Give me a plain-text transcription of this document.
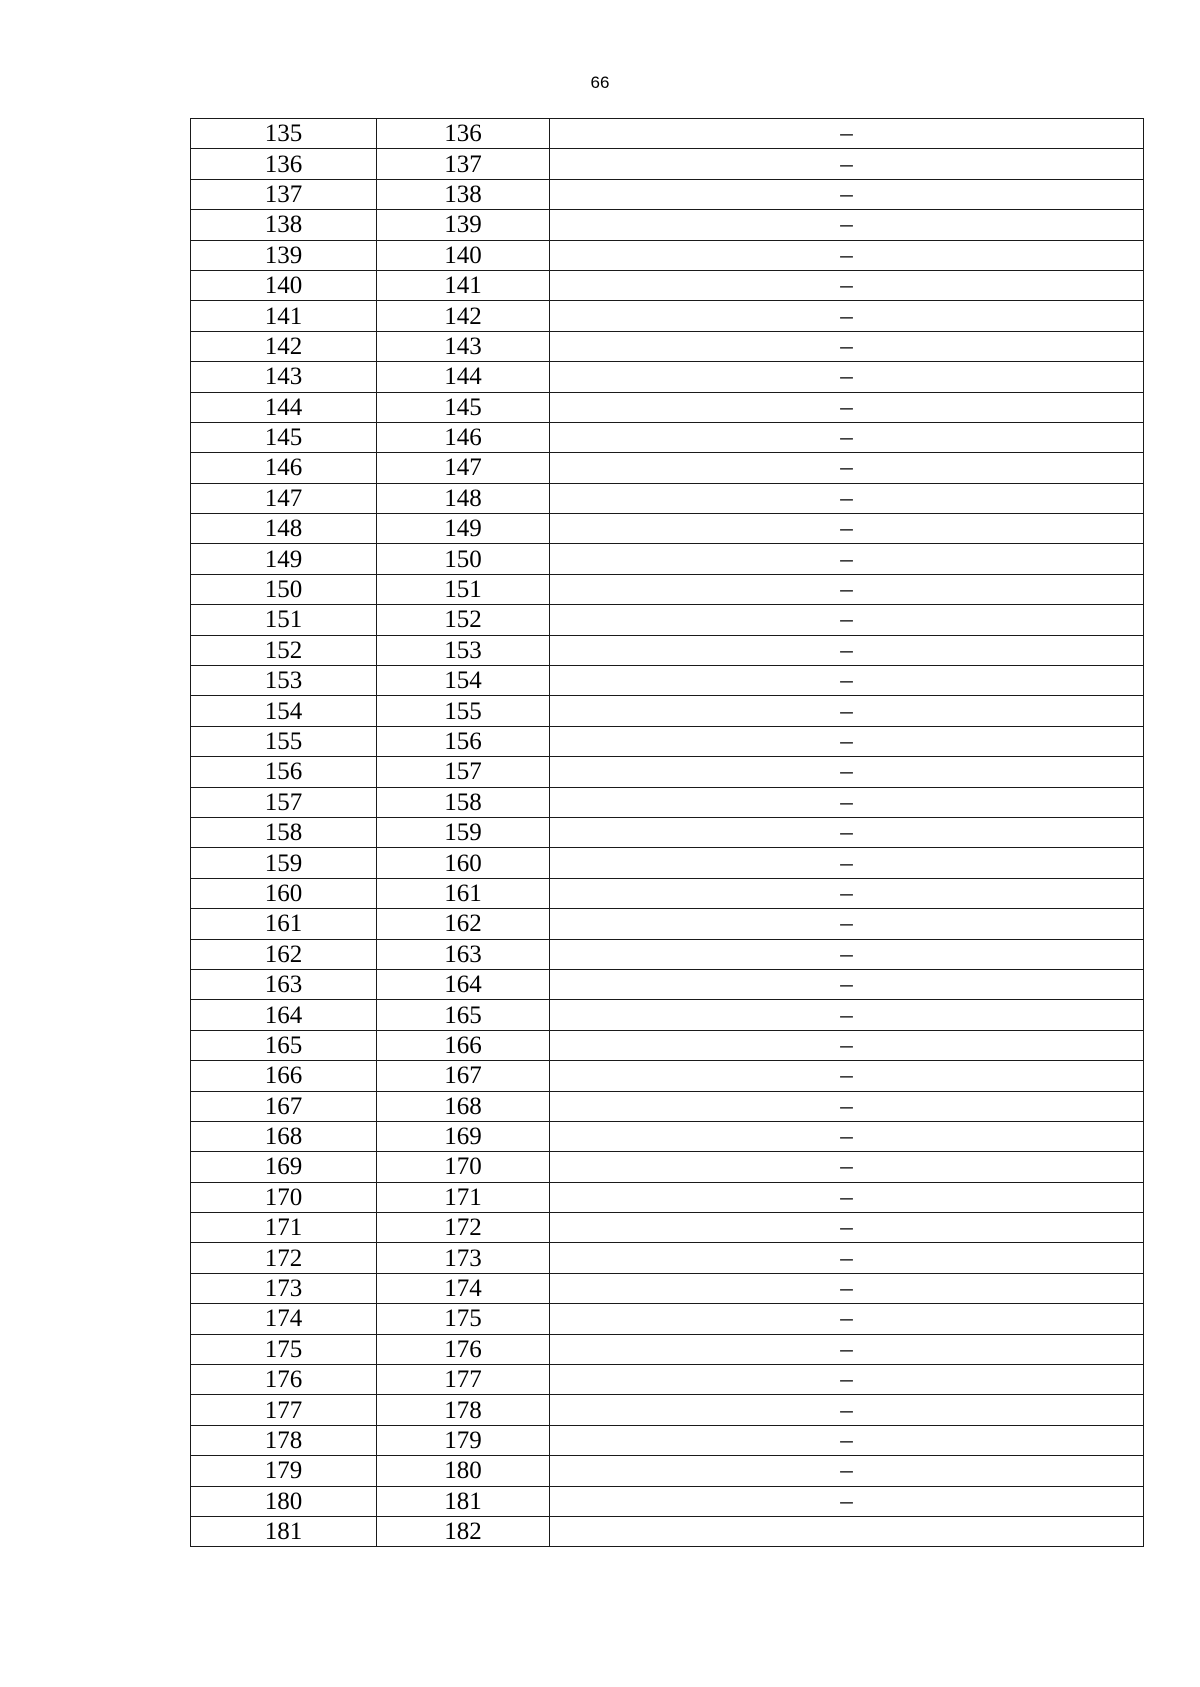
66
135	136	–
136	137	–
137	138	–
138	139	–
139	140	–
140	141	–
141	142	–
142	143	–
143	144	–
144	145	–
145	146	–
146	147	–
147	148	–
148	149	–
149	150	–
150	151	–
151	152	–
152	153	–
153	154	–
154	155	–
155	156	–
156	157	–
157	158	–
158	159	–
159	160	–
160	161	–
161	162	–
162	163	–
163	164	–
164	165	–
165	166	–
166	167	–
167	168	–
168	169	–
169	170	–
170	171	–
171	172	–
172	173	–
173	174	–
174	175	–
175	176	–
176	177	–
177	178	–
178	179	–
179	180	–
180	181	–
181	182	
